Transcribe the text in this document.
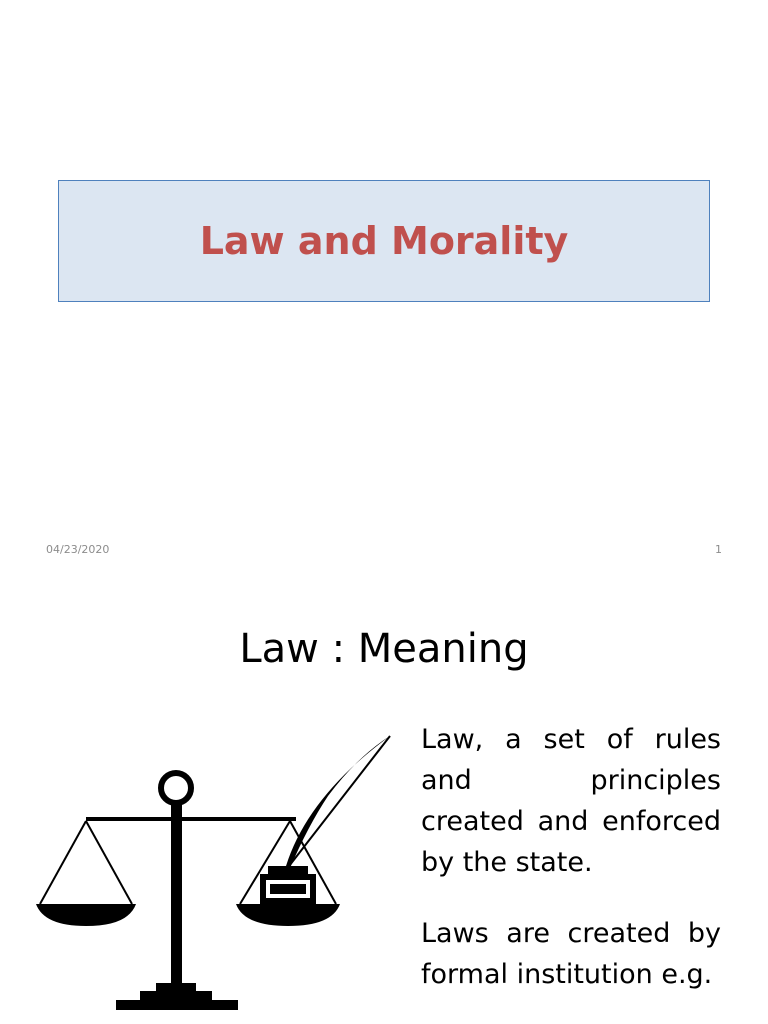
Law and Morality
04/23/2020	1
Law : Meaning

Law, a set of rules and principles created and enforced by the state.

Laws are created by formal institution e.g.
